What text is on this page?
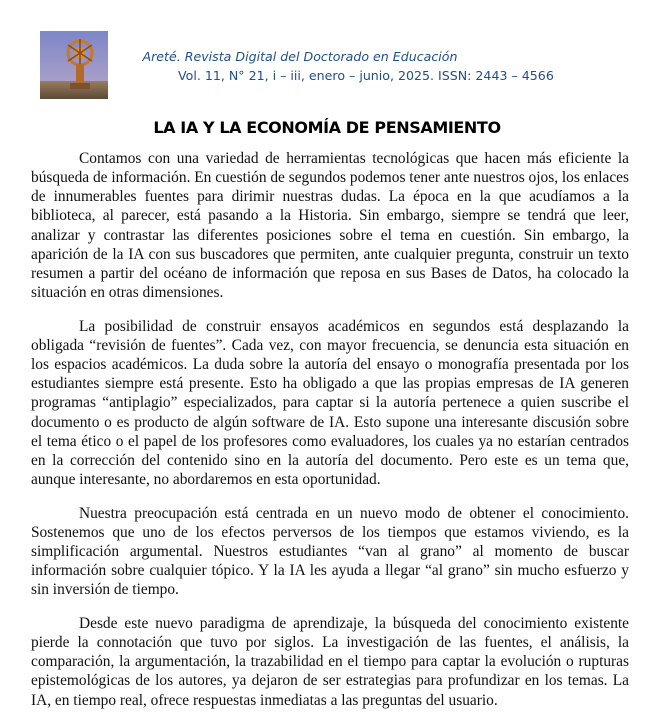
Areté. Revista Digital del Doctorado en Educación
Vol. 11, N° 21, i – iii, enero – junio, 2025. ISSN: 2443 – 4566
LA IA Y LA ECONOMÍA DE PENSAMIENTO

Contamos con una variedad de herramientas tecnológicas que hacen más eficiente la búsqueda de información. En cuestión de segundos podemos tener ante nuestros ojos, los enlaces de innumerables fuentes para dirimir nuestras dudas. La época en la que acudíamos a la biblioteca, al parecer, está pasando a la Historia. Sin embargo, siempre se tendrá que leer, analizar y contrastar las diferentes posiciones sobre el tema en cuestión. Sin embargo, la aparición de la IA con sus buscadores que permiten, ante cualquier pregunta, construir un texto resumen a partir del océano de información que reposa en sus Bases de Datos, ha colocado la situación en otras dimensiones.

La posibilidad de construir ensayos académicos en segundos está desplazando la obligada “revisión de fuentes”. Cada vez, con mayor frecuencia, se denuncia esta situación en los espacios académicos. La duda sobre la autoría del ensayo o monografía presentada por los estudiantes siempre está presente. Esto ha obligado a que las propias empresas de IA generen programas “antiplagio” especializados, para captar si la autoría pertenece a quien suscribe el documento o es producto de algún software de IA. Esto supone una interesante discusión sobre el tema ético o el papel de los profesores como evaluadores, los cuales ya no estarían centrados en la corrección del contenido sino en la autoría del documento. Pero este es un tema que, aunque interesante, no abordaremos en esta oportunidad.

Nuestra preocupación está centrada en un nuevo modo de obtener el conocimiento. Sostenemos que uno de los efectos perversos de los tiempos que estamos viviendo, es la simplificación argumental. Nuestros estudiantes “van al grano” al momento de buscar información sobre cualquier tópico. Y la IA les ayuda a llegar “al grano” sin mucho esfuerzo y sin inversión de tiempo.

Desde este nuevo paradigma de aprendizaje, la búsqueda del conocimiento existente pierde la connotación que tuvo por siglos. La investigación de las fuentes, el análisis, la comparación, la argumentación, la trazabilidad en el tiempo para captar la evolución o rupturas epistemológicas de los autores, ya dejaron de ser estrategias para profundizar en los temas. La IA, en tiempo real, ofrece respuestas inmediatas a las preguntas del usuario.
